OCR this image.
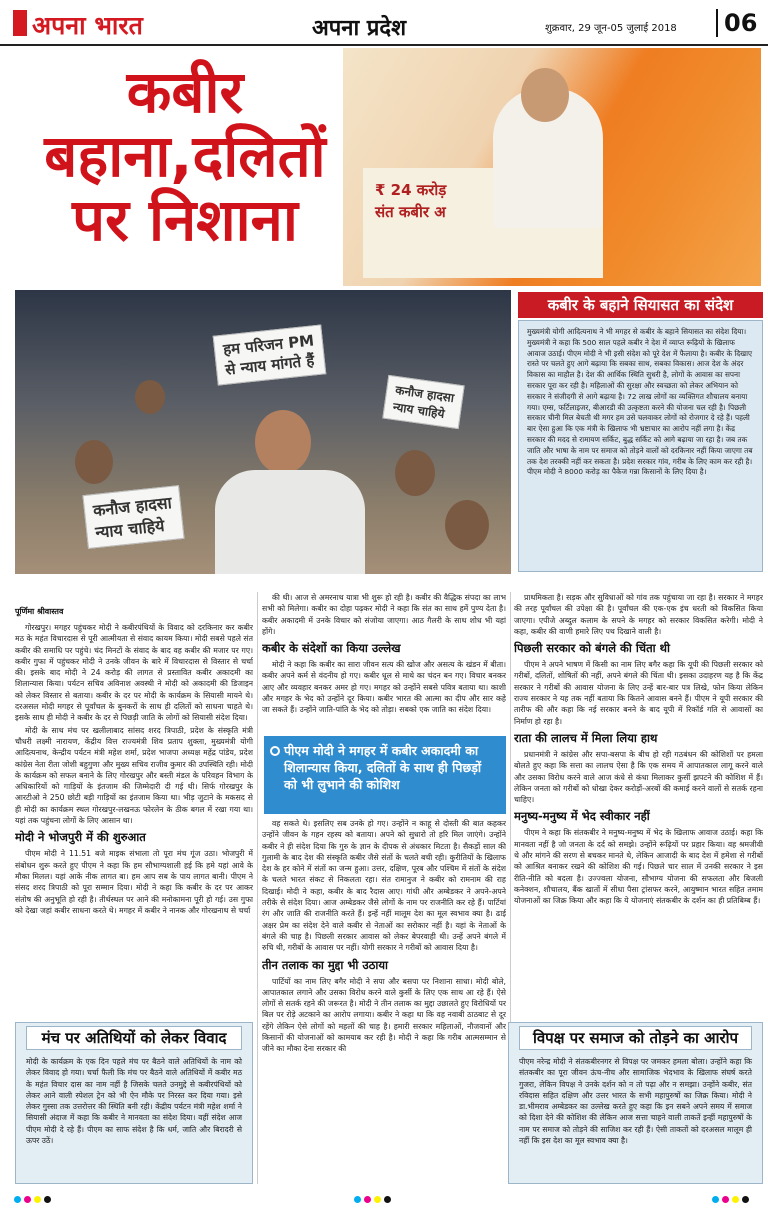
अपना भारत	अपना प्रदेश	शुक्रवार, 29 जून-05 जुलाई 2018	06
₹ 24 करोड़
संत कबीर अ
कबीर
बहाना,दलितों
पर निशाना
हम परिजन PM
से न्याय मांगते हैं
कनौज हादसा
न्याय चाहिये
कनौज हादसा
न्याय चाहिये
कबीर के बहाने सियासत का संदेश
मुख्यमंत्री योगी आदित्यनाथ ने भी मगहर से कबीर के बहाने सियासत का संदेश दिया। मुख्यमंत्री ने कहा कि 500 साल पहले कबीर ने देश में व्याप्त रूढ़ियों के खिलाफ आवाज उठाई। पीएम मोदी ने भी इसी संदेश को पूरे देश में फैलाया है। कबीर के दिखाए रास्ते पर चलते हुए आगे बढ़ाया कि सबका साथ, सबका विकास। आज देश के अंदर विकास का माहौल है। देश की आर्थिक स्थिति सुधरी है, लोगों के आवास का सपना सरकार पूरा कर रही है। महिलाओं की सुरक्षा और स्वच्छता को लेकर अभियान को सरकार ने संजीदगी से आगे बढ़ाया है। 72 लाख लोगों का व्यक्तिगत शौचालय बनाया गया। एम्स, फर्टिलाइजर, बीआरडी की उत्कृष्टता करने की योजना चल रही है। पिछली सरकार चीनी मिल बेचती थी मगर हम उसे चलवाकर लोगों को रोजगार दे रहे हैं। पहली बार ऐसा हुआ कि एक मंत्री के खिलाफ भी भ्रष्टाचार का आरोप नहीं लगा है। केंद्र सरकार की मदद से रामायण सर्किट, बुद्ध सर्किट को आगे बढ़ाया जा रहा है। जब तक जाति और भाषा के नाम पर समाज को तोड़ने वालों को दरकिनार नहीं किया जाएगा तब तक देश तरक्की नहीं कर सकता है। प्रदेश सरकार गांव, गरीब के लिए काम कर रही है। पीएम मोदी ने 8000 करोड़ का पैकेज गन्ना किसानों के लिए दिया है।
पूर्णिमा श्रीवास्तव

गोरखपुर। मगहर पहुंचकर मोदी ने कबीरपंथियों के विवाद को दरकिनार कर कबीर मठ के महंत विचारदास से पूरी आत्मीयता से संवाद कायम किया। मोदी सबसे पहले संत कबीर की समाधि पर पहुंचे। चंद मिनटों के संवाद के बाद वह कबीर की मजार पर गए। कबीर गुफा में पहुंचकर मोदी ने उनके जीवन के बारे में विचारदास से विस्तार से चर्चा की। इसके बाद मोदी ने 24 करोड़ की लागत से प्रस्तावित कबीर अकादमी का शिलान्यास किया। पर्यटन सचिव अविनाश अवस्थी ने मोदी को अकादमी की डिजाइन को लेकर विस्तार से बताया। कबीर के दर पर मोदी के कार्यक्रम के सियासी मायने थे। दरअसल मोदी मगहर से पूर्वांचल के बुनकरों के साथ ही दलितों को साधना चाहते थे। इसके साथ ही मोदी ने कबीर के दर से पिछड़ी जाति के लोगों को सियासी संदेश दिया।

मोदी के साथ मंच पर खलीलाबाद सांसद शरद त्रिपाठी, प्रदेश के संस्कृति मंत्री चौधरी लक्ष्मी नारायण, केंद्रीय वित्त राज्यमंत्री शिव प्रताप शुक्ला, मुख्यमंत्री योगी आदित्यनाथ, केन्द्रीय पर्यटन मंत्री महेश शर्मा, प्रदेश भाजपा अध्यक्ष महेंद्र पांडेय, प्रदेश कांग्रेस नेता रीता जोशी बहुगुणा और मुख्य सचिव राजीव कुमार की उपस्थिति रही। मोदी के कार्यक्रम को सफल बनाने के लिए गोरखपुर और बस्ती मंडल के परिवहन विभाग के अधिकारियों को गाड़ियों के इंतजाम की जिम्मेदारी दी गई थी। सिर्फ गोरखपुर के आरटीओ ने 250 छोटी बड़ी गाड़ियों का इंतजाम किया था। भीड़ जुटाने के मकसद से ही मोदी का कार्यक्रम स्थल गोरखपुर-लखनऊ फोरलेन के ठीक बगल में रखा गया था। यहां तक पहुंचना लोगों के लिए आसान था।

मोदी ने भोजपुरी में की शुरुआत

पीएम मोदी ने 11.51 बजे माइक संभाला तो पूरा मंच गूंज उठा। भोजपुरी में संबोधन शुरू करते हुए पीएम ने कहा कि हम सौभाग्यशाली हई कि हमे यहां आवे के मौका मिलल। यहां आके नीक लागत बा। हम आप सब के पाय लागत बानी। पीएम ने संसद शरद त्रिपाठी को पूरा सम्मान दिया। मोदी ने कहा कि कबीर के दर पर आकर संतोष की अनुभूति हो रही है। तीर्थस्थल पर आने की मनोकामना पूरी हो गई। उस गुफा को देखा जहां कबीर साधना करते थे। मगहर में कबीर ने नानक और गोरखनाथ से चर्चा

की थी। आज से अमरनाथ यात्रा भी शुरू हो रही है। कबीर की वैद्धिक संपदा का लाभ सभी को मिलेगा। कबीर का दोहा पढ़कर मोदी ने कहा कि संत का साथ हमें पुण्य देता है। कबीर अकादमी में उनके विचार को संजोया जाएगा। आठ गैलरी के साथ शोध भी यहां होंगे।

कबीर के संदेशों का किया उल्लेख

मोदी ने कहा कि कबीर का सारा जीवन सत्य की खोज और असत्य के खंडन में बीता। कबीर अपने कर्म से वंदनीय हो गए। कबीर धूल से माथे का चंदन बन गए। विचार बनकर आए और व्यवहार बनकर अमर हो गए। मगहर को उन्होंने सबसे पवित्र बताया था। काशी और मगहर के भेद को उन्होंने दूर किया। कबीर भारत की आत्मा का दीप और सार कहे जा सकते हैं। उन्होंने जाति-पांति के भेद को तोड़ा। सबको एक जाति का संदेश दिया।

पीएम मोदी ने मगहर में कबीर अकादमी का शिलान्यास किया, दलितों के साथ ही पिछड़ों को भी लुभाने की कोशिश

वह सकते थे। इसलिए सब उनके हो गए। उन्होंने न काहू से दोस्ती की बात कहकर उन्होंने जीवन के गहन रहस्य को बताया। अपने को सुधारो तो हरि मिल जाएंगे। उन्होंने कबीर ने ही संदेश दिया कि गुरु के ज्ञान के दीपक से अंधकार मिटता है। सैकड़ों साल की गुलामी के बाद देश की संस्कृति कबीर जैसे संतों के चलते बची रही। कुरीतियों के खिलाफ देश के हर कोने में संतों का जन्म हुआ। उत्तर, दक्षिण, पूरब और पश्चिम में संतों के संदेश के चलते भारत संकट से निकलता रहा। संत रामानुज ने कबीर को रामनाम की राह दिखाई। मोदी ने कहा, कबीर के बाद रैदास आए। गांधी और अम्बेडकर ने अपने-अपने तरीके से संदेश दिया। आज अम्बेडकर जैसे लोगों के नाम पर राजनीति कर रहे हैं। पार्टियां रंग और जाति की राजनीति करते हैं। इन्हें नहीं मालूम देश का मूल स्वभाव क्या है। ढाई अक्षर प्रेम का संदेश देने वाले कबीर से नेताओं का सरोकार नहीं है। यहां के नेताओं के बंगले की चाह है। पिछली सरकार आवास को लेकर बेपरवाही थी। उन्हें अपने बंगले में रुचि थी, गरीबों के आवास पर नहीं। योगी सरकार ने गरीबों को आवास दिया है।

तीन तलाक का मुद्दा भी उठाया

पार्टियों का नाम लिए बगैर मोदी ने सपा और बसपा पर निशाना साधा। मोदी बोले, आपातकाल लगाने और उसका विरोध करने वाले कुर्सी के लिए एक साथ आ रहे हैं। ऐसे लोगों से सतर्क रहने की जरूरत है। मोदी ने तीन तलाक का मुद्दा उछालते हुए विरोधियों पर बिल पर रोड़े अटकाने का आरोप लगाया। कबीर ने कहा था कि वह नवाबी ठाठबाट से दूर रहेंगे लेकिन ऐसे लोगों को महलों की चाह है। हमारी सरकार महिलाओं, नौजवानों और किसानों की योजनाओं को कामयाब कर रही है। मोदी ने कहा कि गरीब आत्मसम्मान से जीने का मौका देना सरकार की

प्राथमिकता है। सड़क और सुविधाओं को गांव तक पहुंचाया जा रहा है। सरकार ने मगहर की तरह पूर्वांचल की उपेक्षा की है। पूर्वांचल की एक-एक इंच धरती को विकसित किया जाएगा। एपीजे अब्दुल कलाम के सपने के मगहर को सरकार विकसित करेगी। मोदी ने कहा, कबीर की वाणी हमारे लिए पथ दिखाने वाली है।

पिछली सरकार को बंगले की चिंता थी

पीएम ने अपने भाषण में किसी का नाम लिए बगैर कहा कि यूपी की पिछली सरकार को गरीबों, दलितों, शोषितों की नहीं, अपने बंगले की चिंता थी। इसका उदाहरण यह है कि केंद्र सरकार ने गरीबों की आवास योजना के लिए उन्हें बार-बार पत्र लिखे, फोन किया लेकिन राज्य सरकार ने यह तक नहीं बताया कि कितने आवास बनने हैं। पीएम ने यूपी सरकार की तारीफ की और कहा कि नई सरकार बनने के बाद यूपी में रिकॉर्ड गति से आवासों का निर्माण हो रहा है।

राता की लालच में मिला लिया हाथ

प्रधानमंत्री ने कांग्रेस और सपा-बसपा के बीच हो रही गठबंधन की कोशिशों पर हमला बोलते हुए कहा कि सत्ता का लालच ऐसा है कि एक समय में आपातकाल लागू करने वाले और उसका विरोध करने वाले आज कंधे से कंधा मिलाकर कुर्सी झपटने की कोशिश में हैं। लेकिन जनता को गरीबों को धोखा देकर करोड़ों-अरबों की कमाई करने वालों से सतर्क रहना चाहिए।

मनुष्य-मनुष्य में भेद स्वीकार नहीं

पीएम ने कहा कि संतकबीर ने मनुष्य-मनुष्य में भेद के खिलाफ आवाज उठाई। कहा कि मानवता नहीं है जो जनता के दर्द को समझे। उन्होंने रूढ़ियों पर प्रहार किया। वह श्रमजीवी थे और मांगने की सरण से बचकर मानते थे, लेकिन आजादी के बाद देश में हमेशा से गरीबों को आश्रित बनाकर रखने की कोशिश की गई। पिछले चार साल में उनकी सरकार ने इस रीति-नीति को बदला है। उज्ज्वला योजना, सौभाग्य योजना की सफलता और बिजली कनेक्शन, शौचालय, बैंक खातों में सीधा पैसा ट्रांसफर करने, आयुष्मान भारत सहित तमाम योजनाओं का जिक्र किया और कहा कि ये योजनाएं संतकबीर के दर्शन का ही प्रतिबिम्ब हैं।

मंच पर अतिथियों को लेकर विवाद
मोदी के कार्यक्रम के एक दिन पहले मंच पर बैठने वाले अतिथियों के नाम को लेकर विवाद हो गया। चर्चा फैली कि मंच पर बैठने वाले अतिथियों में कबीर मठ के महंत विचार दास का नाम नहीं है जिसके चलते उनमुद्दे से कबीरपंथियों को लेकर आने वाली स्पेशल ट्रेन को भी ऐन मौके पर निरस्त कर दिया गया। इसे लेकर गुस्सा तक उत्तरोत्तर की स्थिति बनी रही। केंद्रीय पर्यटन मंत्री महेश शर्मा ने सियासी अंदाज में कहा कि कबीर ने मानवता का संदेश दिया। वहीं संदेश आज पीएम मोदी दे रहे हैं। पीएम का साफ संदेश है कि धर्म, जाति और बिरादरी से ऊपर उठें।
विपक्ष पर समाज को तोड़ने का आरोप
पीएम नरेन्द्र मोदी ने संतकबीरनगर से विपक्ष पर जमकर हमला बोला। उन्होंने कहा कि संतकबीर का पूरा जीवन ऊंच-नीच और सामाजिक भेदभाव के खिलाफ संघर्ष करते गुजरा, लेकिन विपक्ष ने उनके दर्शन को न तो पढ़ा और न समझा। उन्होंने कबीर, संत रविदास सहित दक्षिण और उत्तर भारत के सभी महापुरुषों का जिक्र किया। मोदी ने डा.भीमराव अम्बेडकर का उल्लेख करते हुए कहा कि इन सबने अपने समय में समाज को दिशा देने की कोशिश की लेकिन आज सत्ता चाहने वाली ताकतें इन्हीं महापुरुषों के नाम पर समाज को तोड़ने की साजिश कर रही हैं। ऐसी ताकतों को दरअसल मालूम ही नहीं कि इस देश का मूल स्वभाव क्या है।
